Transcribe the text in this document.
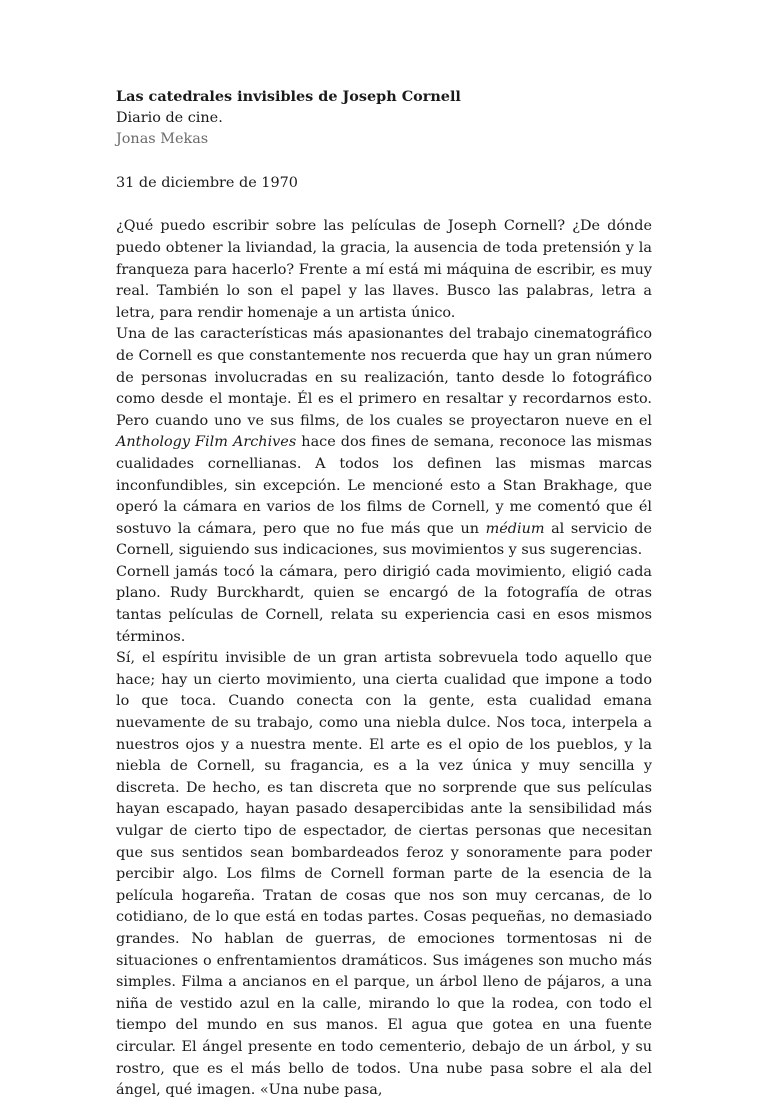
Las catedrales invisibles de Joseph Cornell

Diario de cine.

Jonas Mekas

31 de diciembre de 1970

¿Qué puedo escribir sobre las películas de Joseph Cornell? ¿De dónde puedo obtener la liviandad, la gracia, la ausencia de toda pretensión y la franqueza para hacerlo? Frente a mí está mi máquina de escribir, es muy real. También lo son el papel y las llaves. Busco las palabras, letra a letra, para rendir homenaje a un artista único.

Una de las características más apasionantes del trabajo cinematográfico de Cornell es que constantemente nos recuerda que hay un gran número de personas involucradas en su realización, tanto desde lo fotográfico como desde el montaje. Él es el primero en resaltar y recordarnos esto. Pero cuando uno ve sus films, de los cuales se proyectaron nueve en el Anthology Film Archives hace dos fines de semana, reconoce las mismas cualidades cornellianas. A todos los definen las mismas marcas inconfundibles, sin excepción. Le mencioné esto a Stan Brakhage, que operó la cámara en varios de los films de Cornell, y me comentó que él sostuvo la cámara, pero que no fue más que un médium al servicio de Cornell, siguiendo sus indicaciones, sus movimientos y sus sugerencias.

Cornell jamás tocó la cámara, pero dirigió cada movimiento, eligió cada plano. Rudy Burckhardt, quien se encargó de la fotografía de otras tantas películas de Cornell, relata su experiencia casi en esos mismos términos.

Sí, el espíritu invisible de un gran artista sobrevuela todo aquello que hace; hay un cierto movimiento, una cierta cualidad que impone a todo lo que toca. Cuando conecta con la gente, esta cualidad emana nuevamente de su trabajo, como una niebla dulce. Nos toca, interpela a nuestros ojos y a nuestra mente. El arte es el opio de los pueblos, y la niebla de Cornell, su fragancia, es a la vez única y muy sencilla y discreta. De hecho, es tan discreta que no sorprende que sus películas hayan escapado, hayan pasado desapercibidas ante la sensibilidad más vulgar de cierto tipo de espectador, de ciertas personas que necesitan que sus sentidos sean bombardeados feroz y sonoramente para poder percibir algo. Los films de Cornell forman parte de la esencia de la película hogareña. Tratan de cosas que nos son muy cercanas, de lo cotidiano, de lo que está en todas partes. Cosas pequeñas, no demasiado grandes. No hablan de guerras, de emociones tormentosas ni de situaciones o enfrentamientos dramáticos. Sus imágenes son mucho más simples. Filma a ancianos en el parque, un árbol lleno de pájaros, a una niña de vestido azul en la calle, mirando lo que la rodea, con todo el tiempo del mundo en sus manos. El agua que gotea en una fuente circular. El ángel presente en todo cementerio, debajo de un árbol, y su rostro, que es el más bello de todos. Una nube pasa sobre el ala del ángel, qué imagen. «Una nube pasa,
